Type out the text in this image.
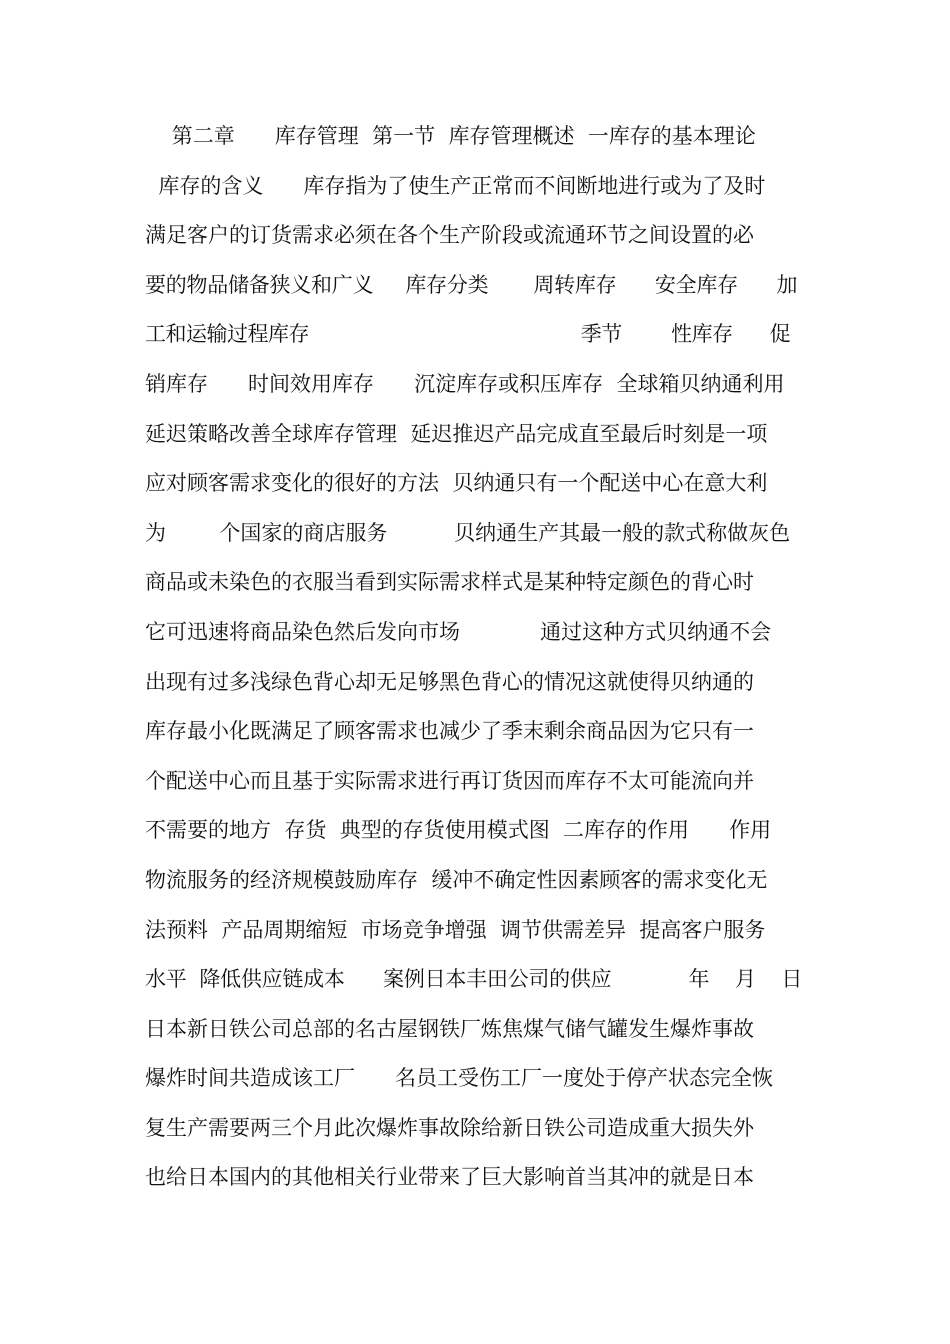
第二章      库存管理  第一节  库存管理概述  一库存的基本理论
库存的含义      库存指为了使生产正常而不间断地进行或为了及时
满足客户的订货需求必须在各个生产阶段或流通环节之间设置的必
要的物品储备狭义和广义     库存分类       周转库存      安全库存      加
工和运输过程库存                                            季节        性库存      促
销库存      时间效用库存      沉淀库存或积压库存  全球箱贝纳通利用
延迟策略改善全球库存管理  延迟推迟产品完成直至最后时刻是一项
应对顾客需求变化的很好的方法  贝纳通只有一个配送中心在意大利
为        个国家的商店服务          贝纳通生产其最一般的款式称做灰色
商品或未染色的衣服当看到实际需求样式是某种特定颜色的背心时
它可迅速将商品染色然后发向市场            通过这种方式贝纳通不会
出现有过多浅绿色背心却无足够黑色背心的情况这就使得贝纳通的
库存最小化既满足了顾客需求也减少了季末剩余商品因为它只有一
个配送中心而且基于实际需求进行再订货因而库存不太可能流向并
不需要的地方  存货  典型的存货使用模式图  二库存的作用      作用
物流服务的经济规模鼓励库存  缓冲不确定性因素顾客的需求变化无
法预料  产品周期缩短  市场竞争增强  调节供需差异  提高客户服务
水平  降低供应链成本      案例日本丰田公司的供应            年    月    日
日本新日铁公司总部的名古屋钢铁厂炼焦煤气储气罐发生爆炸事故
爆炸时间共造成该工厂      名员工受伤工厂一度处于停产状态完全恢
复生产需要两三个月此次爆炸事故除给新日铁公司造成重大损失外
也给日本国内的其他相关行业带来了巨大影响首当其冲的就是日本
